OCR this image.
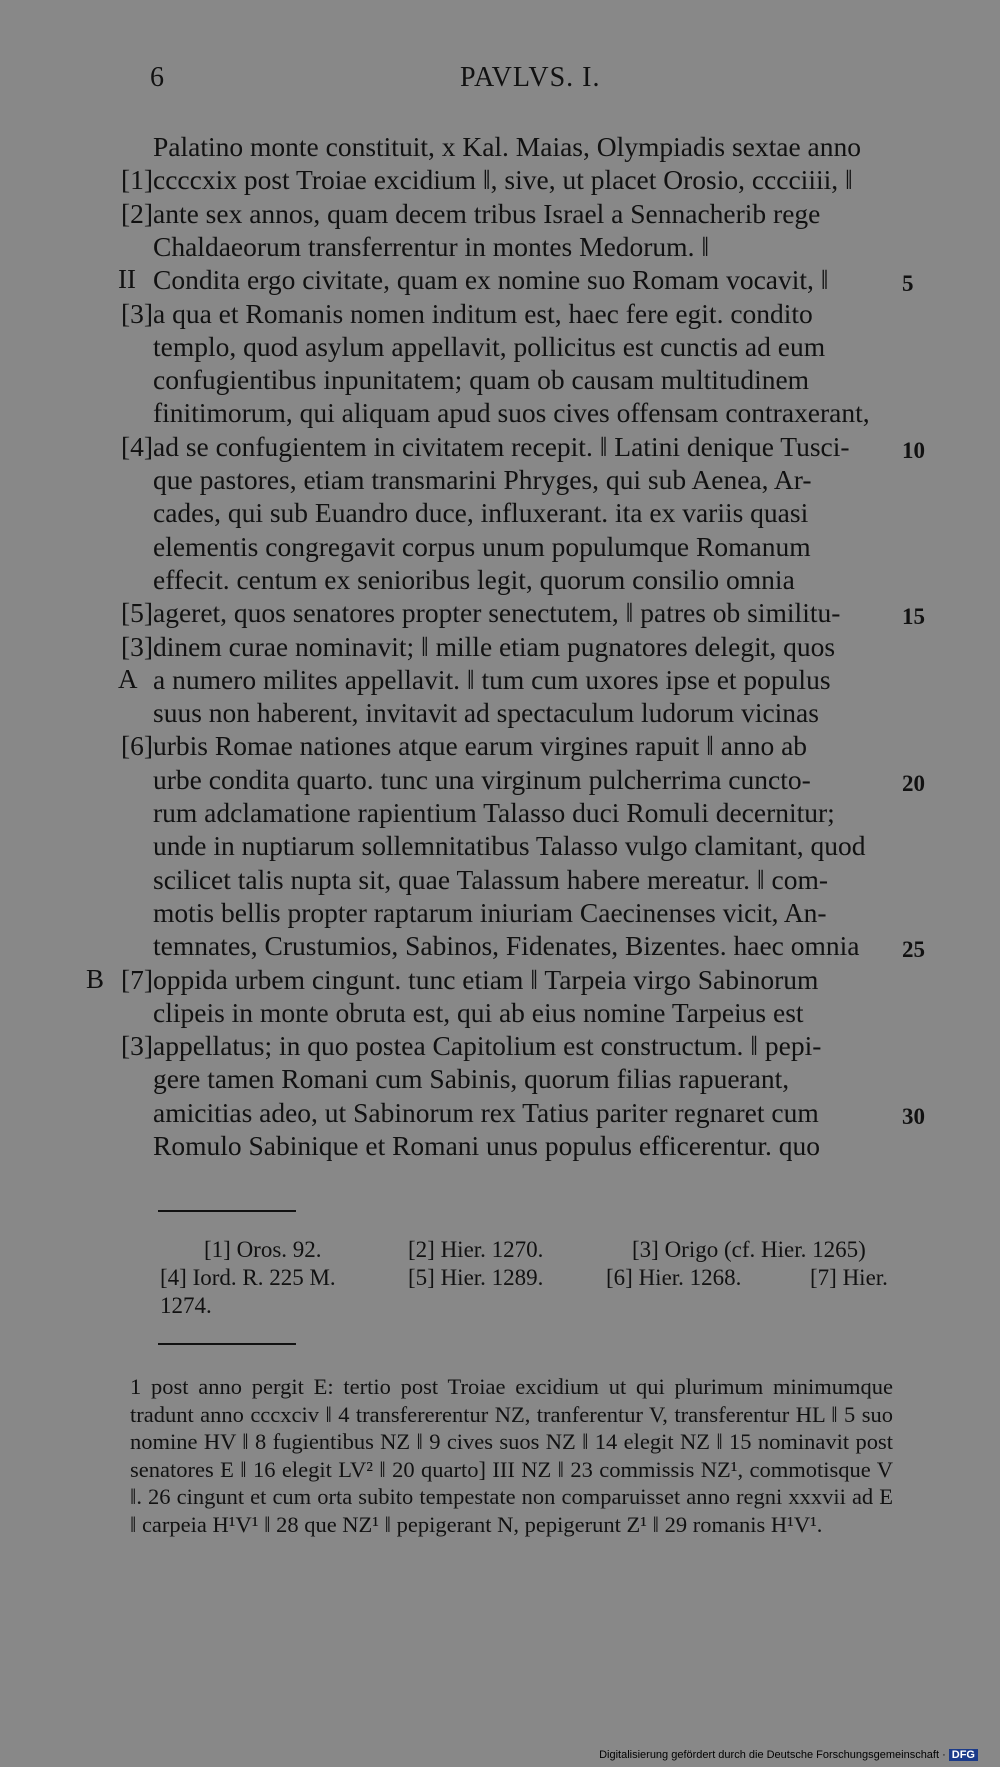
6	PAVLVS. I.
Palatino monte constituit, x Kal. Maias, Olympiadis sextae anno
[1] ccccxix post Troiae excidium ‖, sive, ut placet Orosio, cccciiii, ‖
[2] ante sex annos, quam decem tribus Israel a Sennacherib rege
Chaldaeorum transferrentur in montes Medorum. ‖
Condita ergo civitate, quam ex nomine suo Romam vocavit, ‖	5
II
[3] a qua et Romanis nomen inditum est, haec fere egit. condito
templo, quod asylum appellavit, pollicitus est cunctis ad eum
confugientibus inpunitatem; quam ob causam multitudinem
finitimorum, qui aliquam apud suos cives offensam contraxerant,
[4] ad se confugientem in civitatem recepit. ‖ Latini denique Tusci- 10
que pastores, etiam transmarini Phryges, qui sub Aenea, Ar-
cades, qui sub Euandro duce, influxerant. ita ex variis quasi
elementis congregavit corpus unum populumque Romanum
effecit. centum ex senioribus legit, quorum consilio omnia
[5] ageret, quos senatores propter senectutem, ‖ patres ob similitu-	15
[3] dinem curae nominavit; ‖ mille etiam pugnatores delegit, quos
a numero milites appellavit. ‖ tum cum uxores ipse et populus
A
suus non haberent, invitavit ad spectaculum ludorum vicinas
[6] urbis Romae nationes atque earum virgines rapuit ‖ anno ab
urbe condita quarto. tunc una virginum pulcherrima cuncto-	20
rum adclamatione rapientium Talasso duci Romuli decernitur;
unde in nuptiarum sollemnitatibus Talasso vulgo clamitant, quod
scilicet talis nupta sit, quae Talassum habere mereatur. ‖ com-
motis bellis propter raptarum iniuriam Caecinenses vicit, An-
temnates, Crustumios, Sabinos, Fidenates, Bizentes. haec omnia 25
[7] oppida urbem cingunt. tunc etiam ‖ Tarpeia virgo Sabinorum
B
clipeis in monte obruta est, qui ab eius nomine Tarpeius est
[3] appellatus; in quo postea Capitolium est constructum. ‖ pepi-
gere tamen Romani cum Sabinis, quorum filias rapuerant,
amicitias adeo, ut Sabinorum rex Tatius pariter regnaret cum	30
Romulo Sabinique et Romani unus populus efficerentur. quo
[1] Oros. 92.	[2] Hier. 1270.	[3] Origo (cf. Hier. 1265)
[4] Iord. R. 225 M.	[5] Hier. 1289.	[6] Hier. 1268.	[7] Hier.
1274.
1 post anno pergit E: tertio post Troiae excidium ut qui plurimum minimumque tradunt anno cccxciv ‖ 4 transfererentur NZ, tranferentur V, transferentur HL ‖ 5 suo nomine HV ‖ 8 fugientibus NZ ‖ 9 cives suos NZ ‖ 14 elegit NZ ‖ 15 nominavit post senatores E ‖ 16 elegit LV² ‖ 20 quarto] III NZ ‖ 23 commissis NZ¹, commotisque V ‖. 26 cingunt et cum orta subito tempestate non comparuisset anno regni xxxvii ad E ‖ carpeia H¹V¹ ‖ 28 que NZ¹ ‖ pepigerant N, pepigerunt Z¹ ‖ 29 romanis H¹V¹.
Digitalisierung gefördert durch die Deutsche Forschungsgemeinschaft · DFG
